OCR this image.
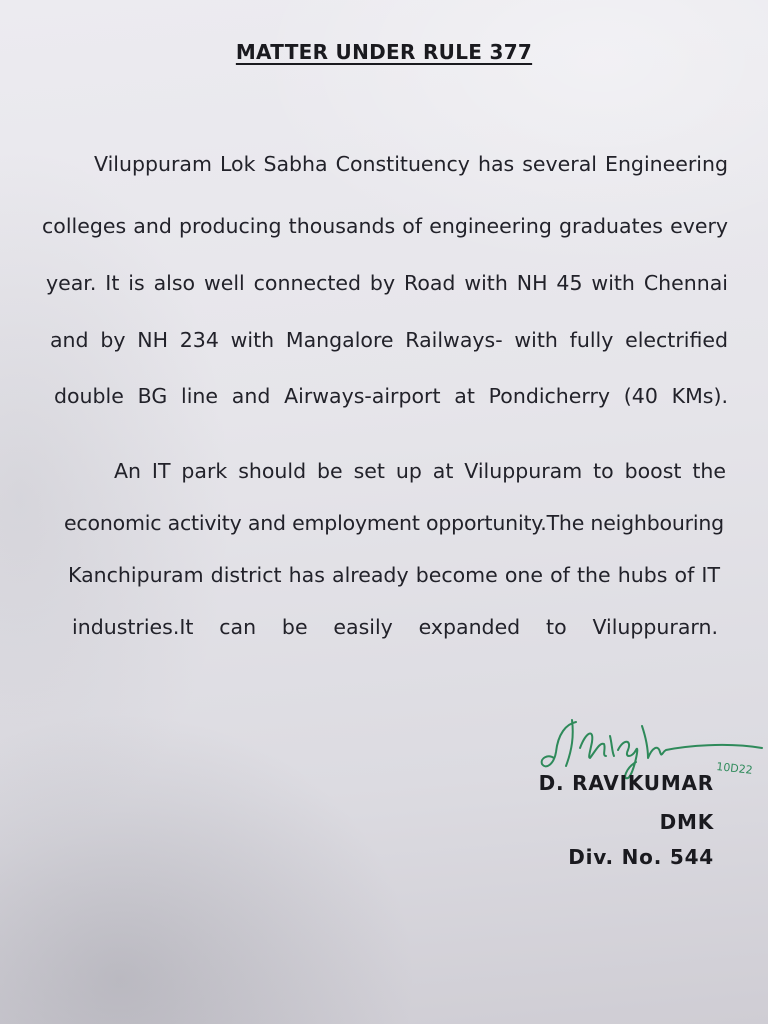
MATTER UNDER RULE 377
Viluppuram Lok Sabha Constituency has several Engineering
colleges and producing thousands of engineering graduates every
year. It is also well connected by Road with NH 45 with Chennai
and by NH 234 with Mangalore Railways- with fully electrified
double BG line and Airways-airport at Pondicherry (40 KMs).
An IT park should be set up at Viluppuram to boost the
economic activity and employment opportunity.The neighbouring
Kanchipuram district has already become one of the hubs of IT
industries.It can be easily expanded to Viluppurarn.
10D22
D. RAVIKUMAR
DMK
Div. No. 544
